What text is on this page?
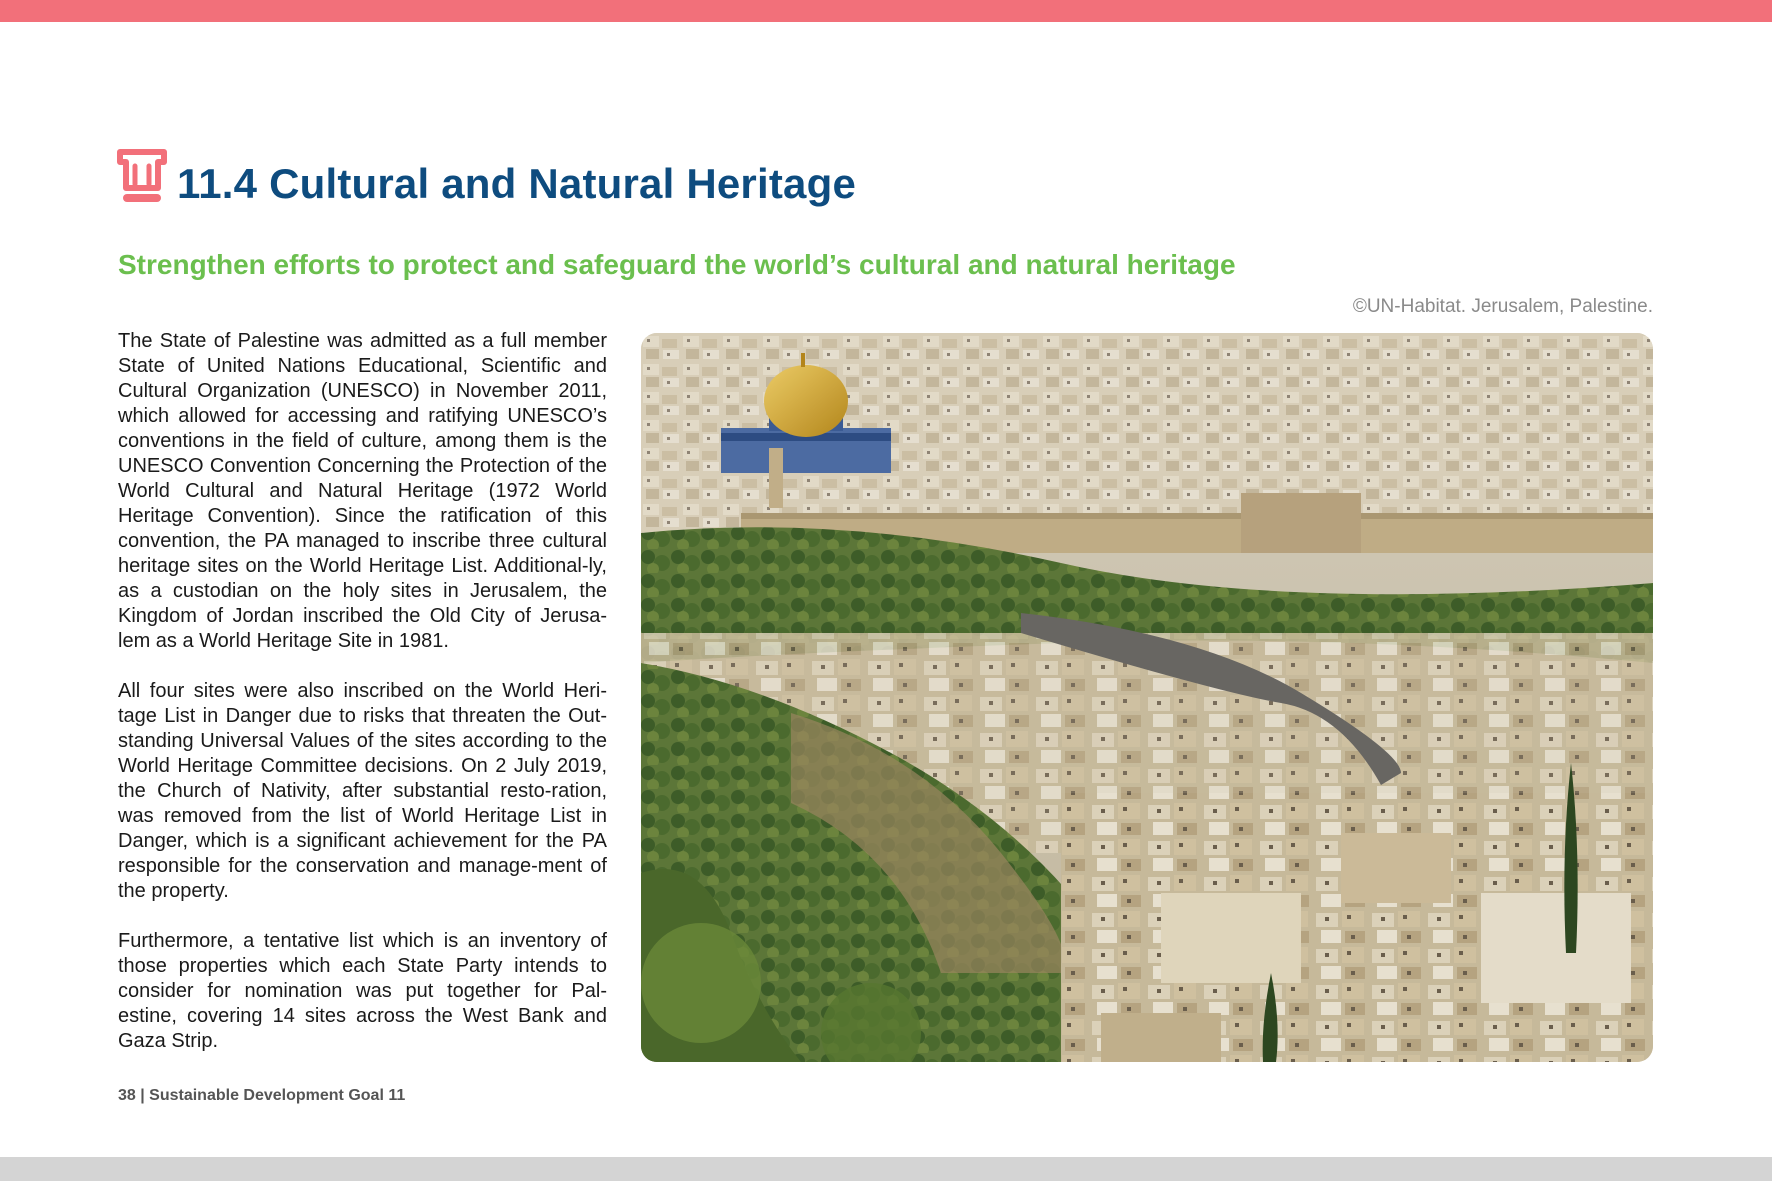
11.4 Cultural and Natural Heritage
Strengthen efforts to protect and safeguard the world’s cultural and natural heritage
©UN-Habitat. Jerusalem, Palestine.

The State of Palestine was admitted as a full member State of United Nations Educational, Scientific and Cultural Organization (UNESCO) in November 2011, which allowed for accessing and ratifying UNESCO’s conventions in the field of culture, among them is the UNESCO Convention Concerning the Protection of the World Cultural and Natural Heritage (1972 World Heritage Convention). Since the ratification of this convention, the PA managed to inscribe three cultural heritage sites on the World Heritage List. Additional-ly, as a custodian on the holy sites in Jerusalem, the Kingdom of Jordan inscribed the Old City of Jerusa-lem as a World Heritage Site in 1981.

All four sites were also inscribed on the World Heri-tage List in Danger due to risks that threaten the Out-standing Universal Values of the sites according to the World Heritage Committee decisions. On 2 July 2019, the Church of Nativity, after substantial resto-ration, was removed from the list of World Heritage List in Danger, which is a significant achievement for the PA responsible for the conservation and manage-ment of the property.

Furthermore, a tentative list which is an inventory of those properties which each State Party intends to consider for nomination was put together for Pal-estine, covering 14 sites across the West Bank and Gaza Strip.

38 | Sustainable Development Goal 11
